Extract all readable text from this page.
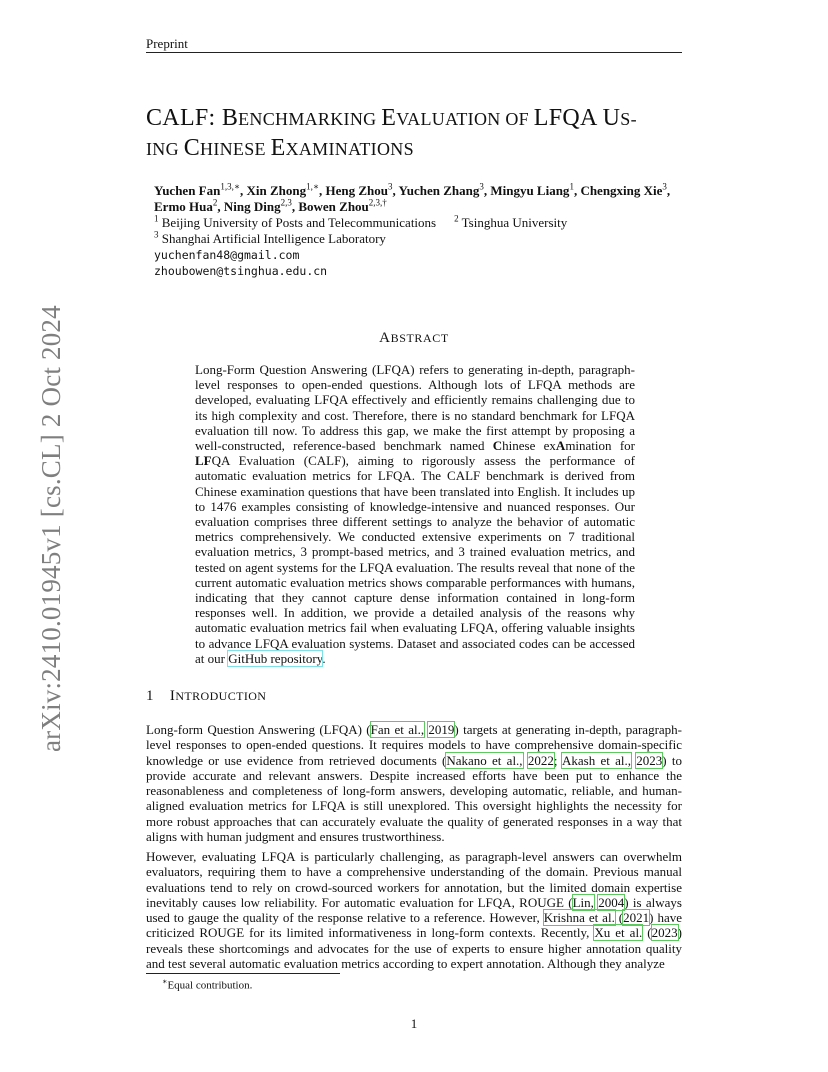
Preprint
arXiv:2410.01945v1 [cs.CL] 2 Oct 2024
CALF: BENCHMARKING EVALUATION OF LFQA US-
ING CHINESE EXAMINATIONS
Yuchen Fan$^{1,3,∗}$, Xin Zhong$^{1,∗}$, Heng Zhou$^3$, Yuchen Zhang$^3$, Mingyu Liang$^1$, Chengxing Xie$^3$,
Ermo Hua$^2$, Ning Ding$^{2,3}$, Bowen Zhou$^{2,3,\dagger}$
$^1$ Beijing University of Posts and Telecommunications $^2$ Tsinghua University
$^3$ Shanghai Artificial Intelligence Laboratory
yuchenfan48@gmail.com
zhoubowen@tsinghua.edu.cn
ABSTRACT
Long-Form Question Answering (LFQA) refers to generating in-depth, paragraph-level responses to open-ended questions. Although lots of LFQA methods are developed, evaluating LFQA effectively and efficiently remains challenging due to its high complexity and cost. Therefore, there is no standard benchmark for LFQA evaluation till now. To address this gap, we make the first attempt by proposing a well-constructed, reference-based benchmark named Chinese exAmination for LFQA Evaluation (CALF), aiming to rigorously assess the performance of automatic evaluation metrics for LFQA. The CALF benchmark is derived from Chinese examination questions that have been translated into English. It includes up to 1476 examples consisting of knowledge-intensive and nuanced responses. Our evaluation comprises three different settings to analyze the behavior of automatic metrics comprehensively. We conducted extensive experiments on 7 traditional evaluation metrics, 3 prompt-based metrics, and 3 trained evaluation metrics, and tested on agent systems for the LFQA evaluation. The results reveal that none of the current automatic evaluation metrics shows comparable performances with humans, indicating that they cannot capture dense information contained in long-form responses well. In addition, we provide a detailed analysis of the reasons why automatic evaluation metrics fail when evaluating LFQA, offering valuable insights to advance LFQA evaluation systems. Dataset and associated codes can be accessed at our GitHub repository.
1 INTRODUCTION
Long-form Question Answering (LFQA) (Fan et al., 2019) targets at generating in-depth, paragraph-level responses to open-ended questions. It requires models to have comprehensive domain-specific knowledge or use evidence from retrieved documents (Nakano et al., 2022; Akash et al., 2023) to provide accurate and relevant answers. Despite increased efforts have been put to enhance the reasonableness and completeness of long-form answers, developing automatic, reliable, and human-aligned evaluation metrics for LFQA is still unexplored. This oversight highlights the necessity for more robust approaches that can accurately evaluate the quality of generated responses in a way that aligns with human judgment and ensures trustworthiness.
However, evaluating LFQA is particularly challenging, as paragraph-level answers can overwhelm evaluators, requiring them to have a comprehensive understanding of the domain. Previous manual evaluations tend to rely on crowd-sourced workers for annotation, but the limited domain expertise inevitably causes low reliability. For automatic evaluation for LFQA, ROUGE (Lin, 2004) is always used to gauge the quality of the response relative to a reference. However, Krishna et al. (2021) have criticized ROUGE for its limited informativeness in long-form contexts. Recently, Xu et al. (2023) reveals these shortcomings and advocates for the use of experts to ensure higher annotation quality and test several automatic evaluation metrics according to expert annotation. Although they analyze
∗Equal contribution.
1
